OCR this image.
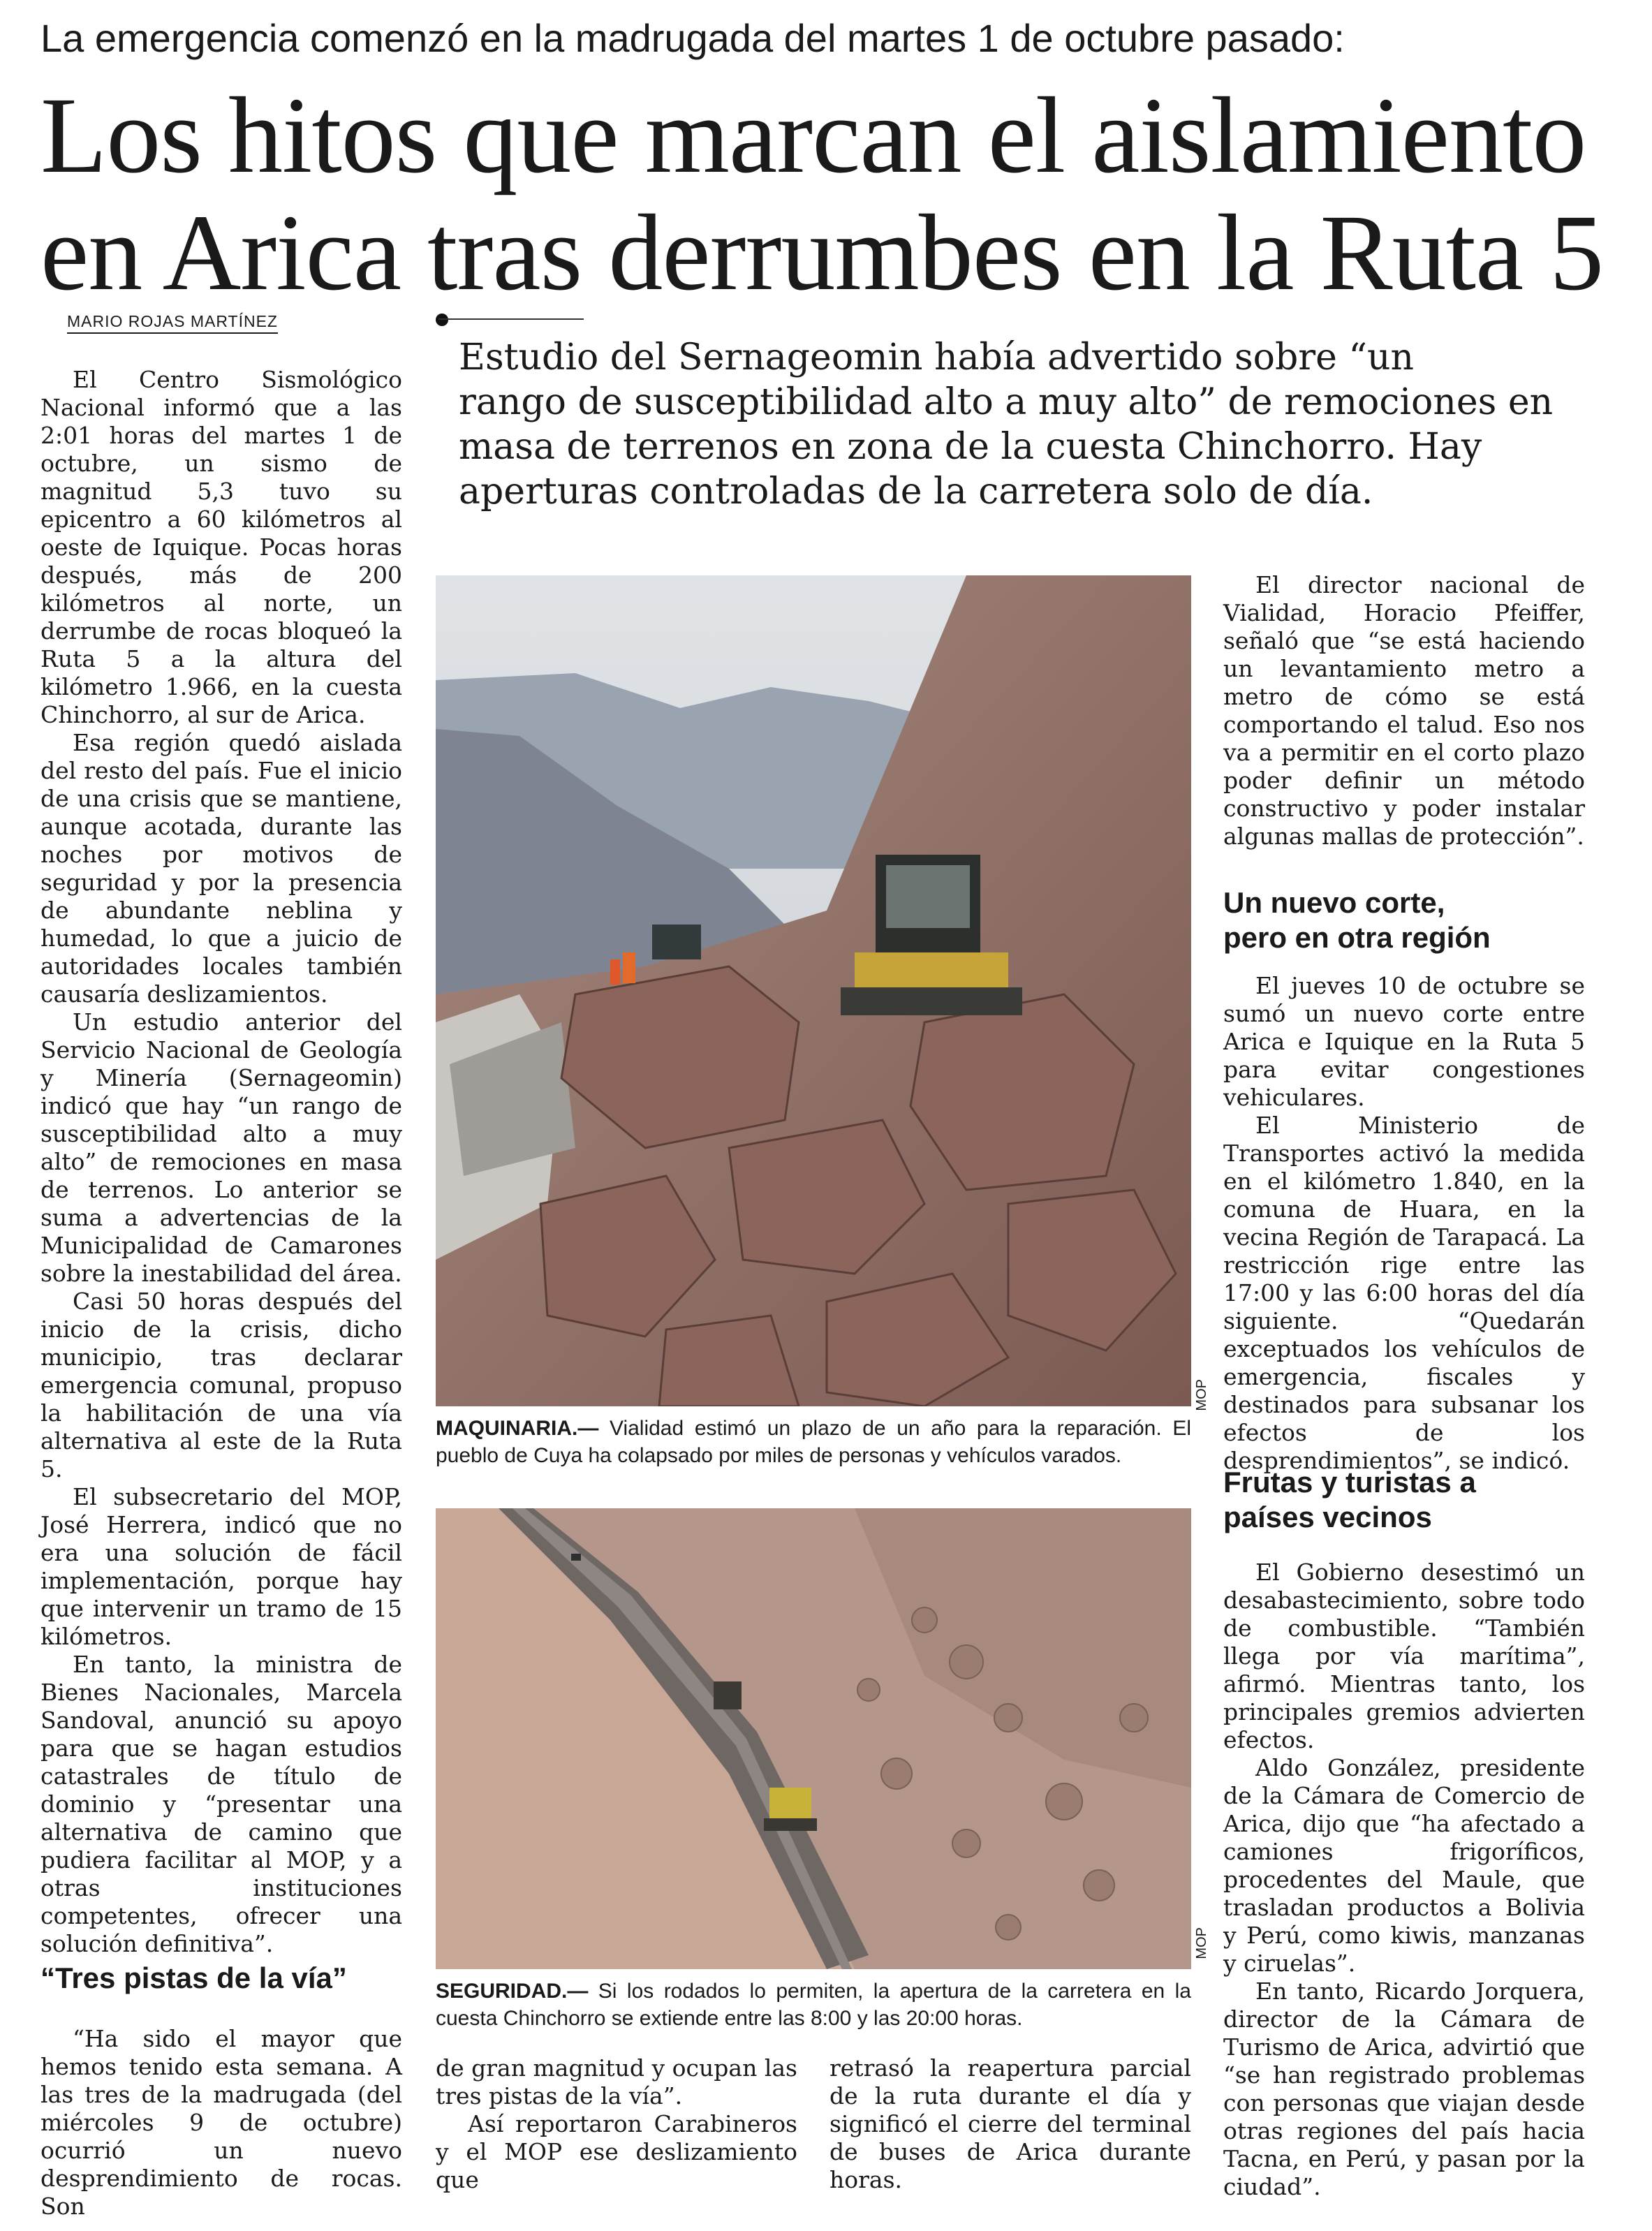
La emergencia comenzó en la madrugada del martes 1 de octubre pasado:
Los hitos que marcan el aislamiento
en Arica tras derrumbes en la Ruta 5
MARIO ROJAS MARTÍNEZ
Estudio del Sernageomin había advertido sobre “un
rango de susceptibilidad alto a muy alto” de remociones en
masa de terrenos en zona de la cuesta Chinchorro. Hay
aperturas controladas de la carretera solo de día.

El Centro Sismológico Nacional informó que a las 2:01 horas del martes 1 de octubre, un sismo de magnitud 5,3 tuvo su epicentro a 60 kilómetros al oeste de Iquique. Pocas horas después, más de 200 kilómetros al norte, un derrumbe de rocas bloqueó la Ruta 5 a la altura del kilómetro 1.966, en la cuesta Chinchorro, al sur de Arica.

Esa región quedó aislada del resto del país. Fue el inicio de una crisis que se mantiene, aunque acotada, durante las noches por motivos de seguridad y por la presencia de abundante neblina y humedad, lo que a juicio de autoridades locales también causaría deslizamientos.

Un estudio anterior del Servicio Nacional de Geología y Minería (Sernageomin) indicó que hay “un rango de susceptibilidad alto a muy alto” de remociones en masa de terrenos. Lo anterior se suma a advertencias de la Municipalidad de Camarones sobre la inestabilidad del área.

Casi 50 horas después del inicio de la crisis, dicho municipio, tras declarar emergencia comunal, propuso la habilitación de una vía alternativa al este de la Ruta 5.

El subsecretario del MOP, José Herrera, indicó que no era una solución de fácil implementación, porque hay que intervenir un tramo de 15 kilómetros.

En tanto, la ministra de Bienes Nacionales, Marcela Sandoval, anunció su apoyo para que se hagan estudios catastrales de título de dominio y “presentar una alternativa de camino que pudiera facilitar al MOP, y a otras instituciones competentes, ofrecer una solución definitiva”.

“Tres pistas de la vía”

“Ha sido el mayor que hemos tenido esta semana. A las tres de la madrugada (del miércoles 9 de octubre) ocurrió un nuevo desprendimiento de rocas. Son

MOP
MAQUINARIA.— Vialidad estimó un plazo de un año para la reparación. El pueblo de Cuya ha colapsado por miles de personas y vehículos varados.
MOP
SEGURIDAD.— Si los rodados lo permiten, la apertura de la carretera en la cuesta Chinchorro se extiende entre las 8:00 y las 20:00 horas.

de gran magnitud y ocupan las tres pistas de la vía”.

Así reportaron Carabineros y el MOP ese deslizamiento que

retrasó la reapertura parcial de la ruta durante el día y significó el cierre del terminal de buses de Arica durante horas.

El director nacional de Vialidad, Horacio Pfeiffer, señaló que “se está haciendo un levantamiento metro a metro de cómo se está comportando el talud. Eso nos va a permitir en el corto plazo poder definir un método constructivo y poder instalar algunas mallas de protección”.

Un nuevo corte,
pero en otra región

El jueves 10 de octubre se sumó un nuevo corte entre Arica e Iquique en la Ruta 5 para evitar congestiones vehiculares.

El Ministerio de Transportes activó la medida en el kilómetro 1.840, en la comuna de Huara, en la vecina Región de Tarapacá. La restricción rige entre las 17:00 y las 6:00 horas del día siguiente. “Quedarán exceptuados los vehículos de emergencia, fiscales y destinados para subsanar los efectos de los desprendimientos”, se indicó.

Frutas y turistas a
países vecinos

El Gobierno desestimó un desabastecimiento, sobre todo de combustible. “También llega por vía marítima”, afirmó. Mientras tanto, los principales gremios advierten efectos.

Aldo González, presidente de la Cámara de Comercio de Arica, dijo que “ha afectado a camiones frigoríficos, procedentes del Maule, que trasladan productos a Bolivia y Perú, como kiwis, manzanas y ciruelas”.

En tanto, Ricardo Jorquera, director de la Cámara de Turismo de Arica, advirtió que “se han registrado problemas con personas que viajan desde otras regiones del país hacia Tacna, en Perú, y pasan por la ciudad”.
